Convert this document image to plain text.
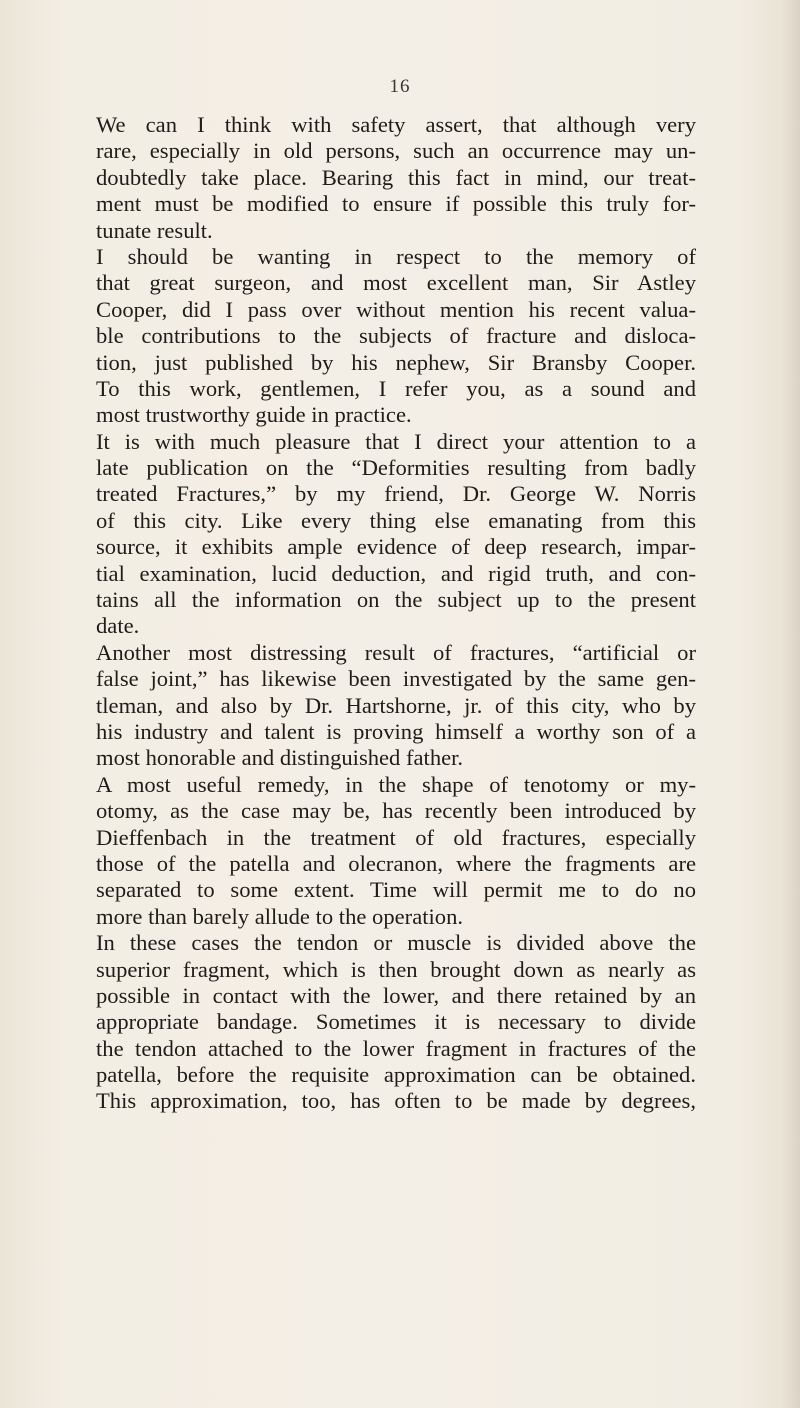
16
We can I think with safety assert, that although very
rare, especially in old persons, such an occurrence may un-
doubtedly take place. Bearing this fact in mind, our treat-
ment must be modified to ensure if possible this truly for-
tunate result.
I should be wanting in respect to the memory of
that great surgeon, and most excellent man, Sir Astley
Cooper, did I pass over without mention his recent valua-
ble contributions to the subjects of fracture and disloca-
tion, just published by his nephew, Sir Bransby Cooper.
To this work, gentlemen, I refer you, as a sound and
most trustworthy guide in practice.
It is with much pleasure that I direct your attention to a
late publication on the “Deformities resulting from badly
treated Fractures,” by my friend, Dr. George W. Norris
of this city. Like every thing else emanating from this
source, it exhibits ample evidence of deep research, impar-
tial examination, lucid deduction, and rigid truth, and con-
tains all the information on the subject up to the present
date.
Another most distressing result of fractures, “artificial or
false joint,” has likewise been investigated by the same gen-
tleman, and also by Dr. Hartshorne, jr. of this city, who by
his industry and talent is proving himself a worthy son of a
most honorable and distinguished father.
A most useful remedy, in the shape of tenotomy or my-
otomy, as the case may be, has recently been introduced by
Dieffenbach in the treatment of old fractures, especially
those of the patella and olecranon, where the fragments are
separated to some extent. Time will permit me to do no
more than barely allude to the operation.
In these cases the tendon or muscle is divided above the
superior fragment, which is then brought down as nearly as
possible in contact with the lower, and there retained by an
appropriate bandage. Sometimes it is necessary to divide
the tendon attached to the lower fragment in fractures of the
patella, before the requisite approximation can be obtained.
This approximation, too, has often to be made by degrees,
